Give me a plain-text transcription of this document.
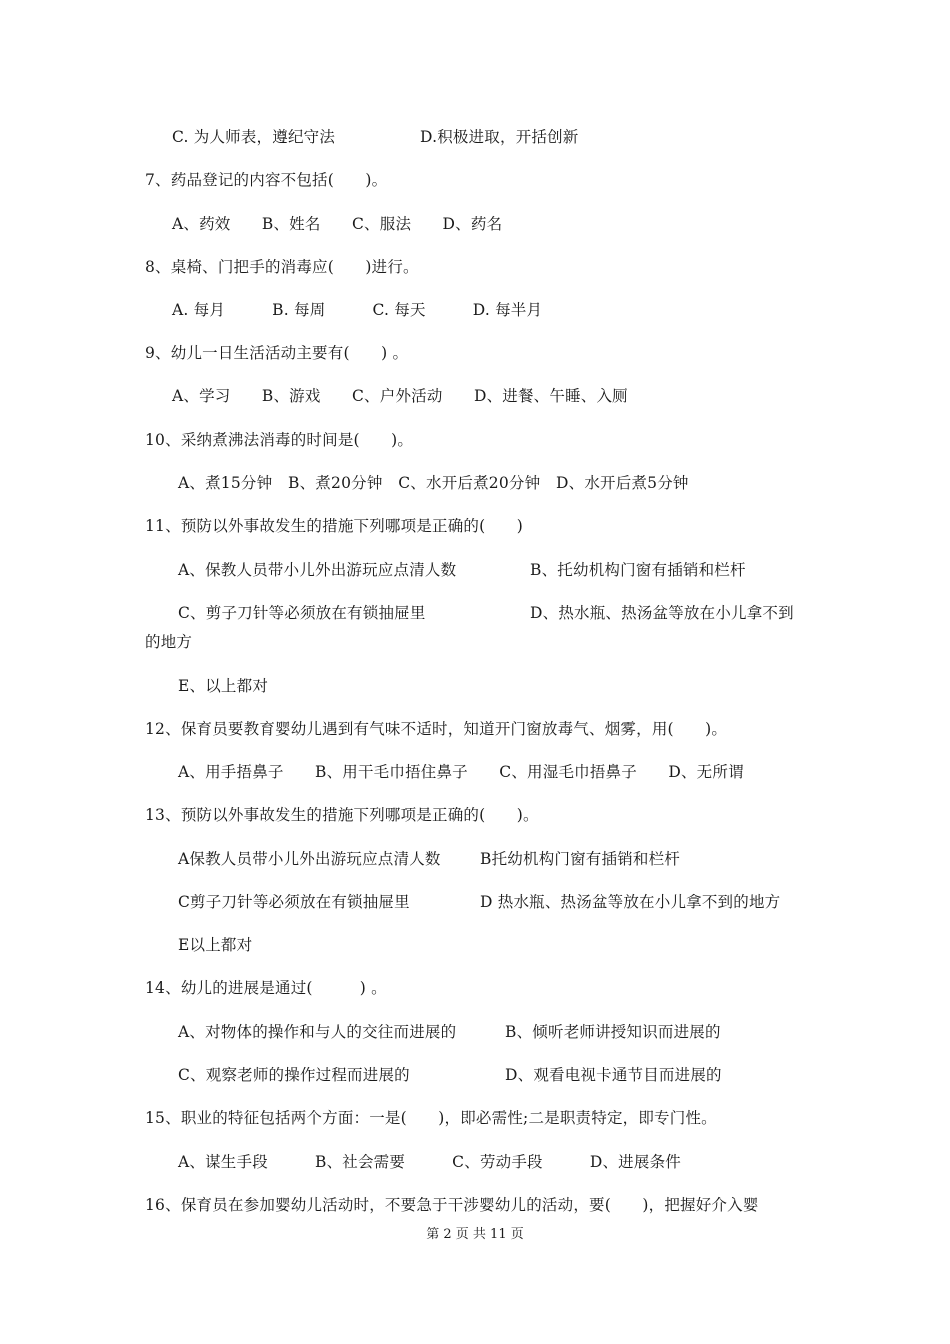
C. 为人师表，遵纪守法	D.积极进取，开括创新
7、药品登记的内容不包括(　　)。
A、药效　　B、姓名　　C、服法　　D、药名
8、桌椅、门把手的消毒应(　　)进行。
A. 每月　　　B. 每周　　　C. 每天　　　D. 每半月
9、幼儿一日生活活动主要有(　　) 。
A、学习　　B、游戏　　C、户外活动　　D、进餐、午睡、入厕
10、采纳煮沸法消毒的时间是(　　)。
A、煮15分钟　B、煮20分钟　C、水开后煮20分钟　D、水开后煮5分钟
11、预防以外事故发生的措施下列哪项是正确的(　　)
A、保教人员带小儿外出游玩应点清人数	B、托幼机构门窗有插销和栏杆
C、剪子刀针等必须放在有锁抽屉里	D、热水瓶、热汤盆等放在小儿拿不到
的地方
E、以上都对
12、保育员要教育婴幼儿遇到有气味不适时，知道开门窗放毒气、烟雾，用(　　)。
A、用手捂鼻子　　B、用干毛巾捂住鼻子　　C、用湿毛巾捂鼻子　　D、无所谓
13、预防以外事故发生的措施下列哪项是正确的(　　)。
A保教人员带小儿外出游玩应点清人数	B托幼机构门窗有插销和栏杆
C剪子刀针等必须放在有锁抽屉里	D 热水瓶、热汤盆等放在小儿拿不到的地方
E以上都对
14、幼儿的进展是通过(　　　) 。
A、对物体的操作和与人的交往而进展的	B、倾听老师讲授知识而进展的
C、观察老师的操作过程而进展的	D、观看电视卡通节目而进展的
15、职业的特征包括两个方面：一是(　　)，即必需性;二是职责特定，即专门性。
A、谋生手段　　　B、社会需要　　　C、劳动手段　　　D、进展条件
16、保育员在参加婴幼儿活动时，不要急于干涉婴幼儿的活动，要(　　)，把握好介入婴
第 2 页 共 11 页
